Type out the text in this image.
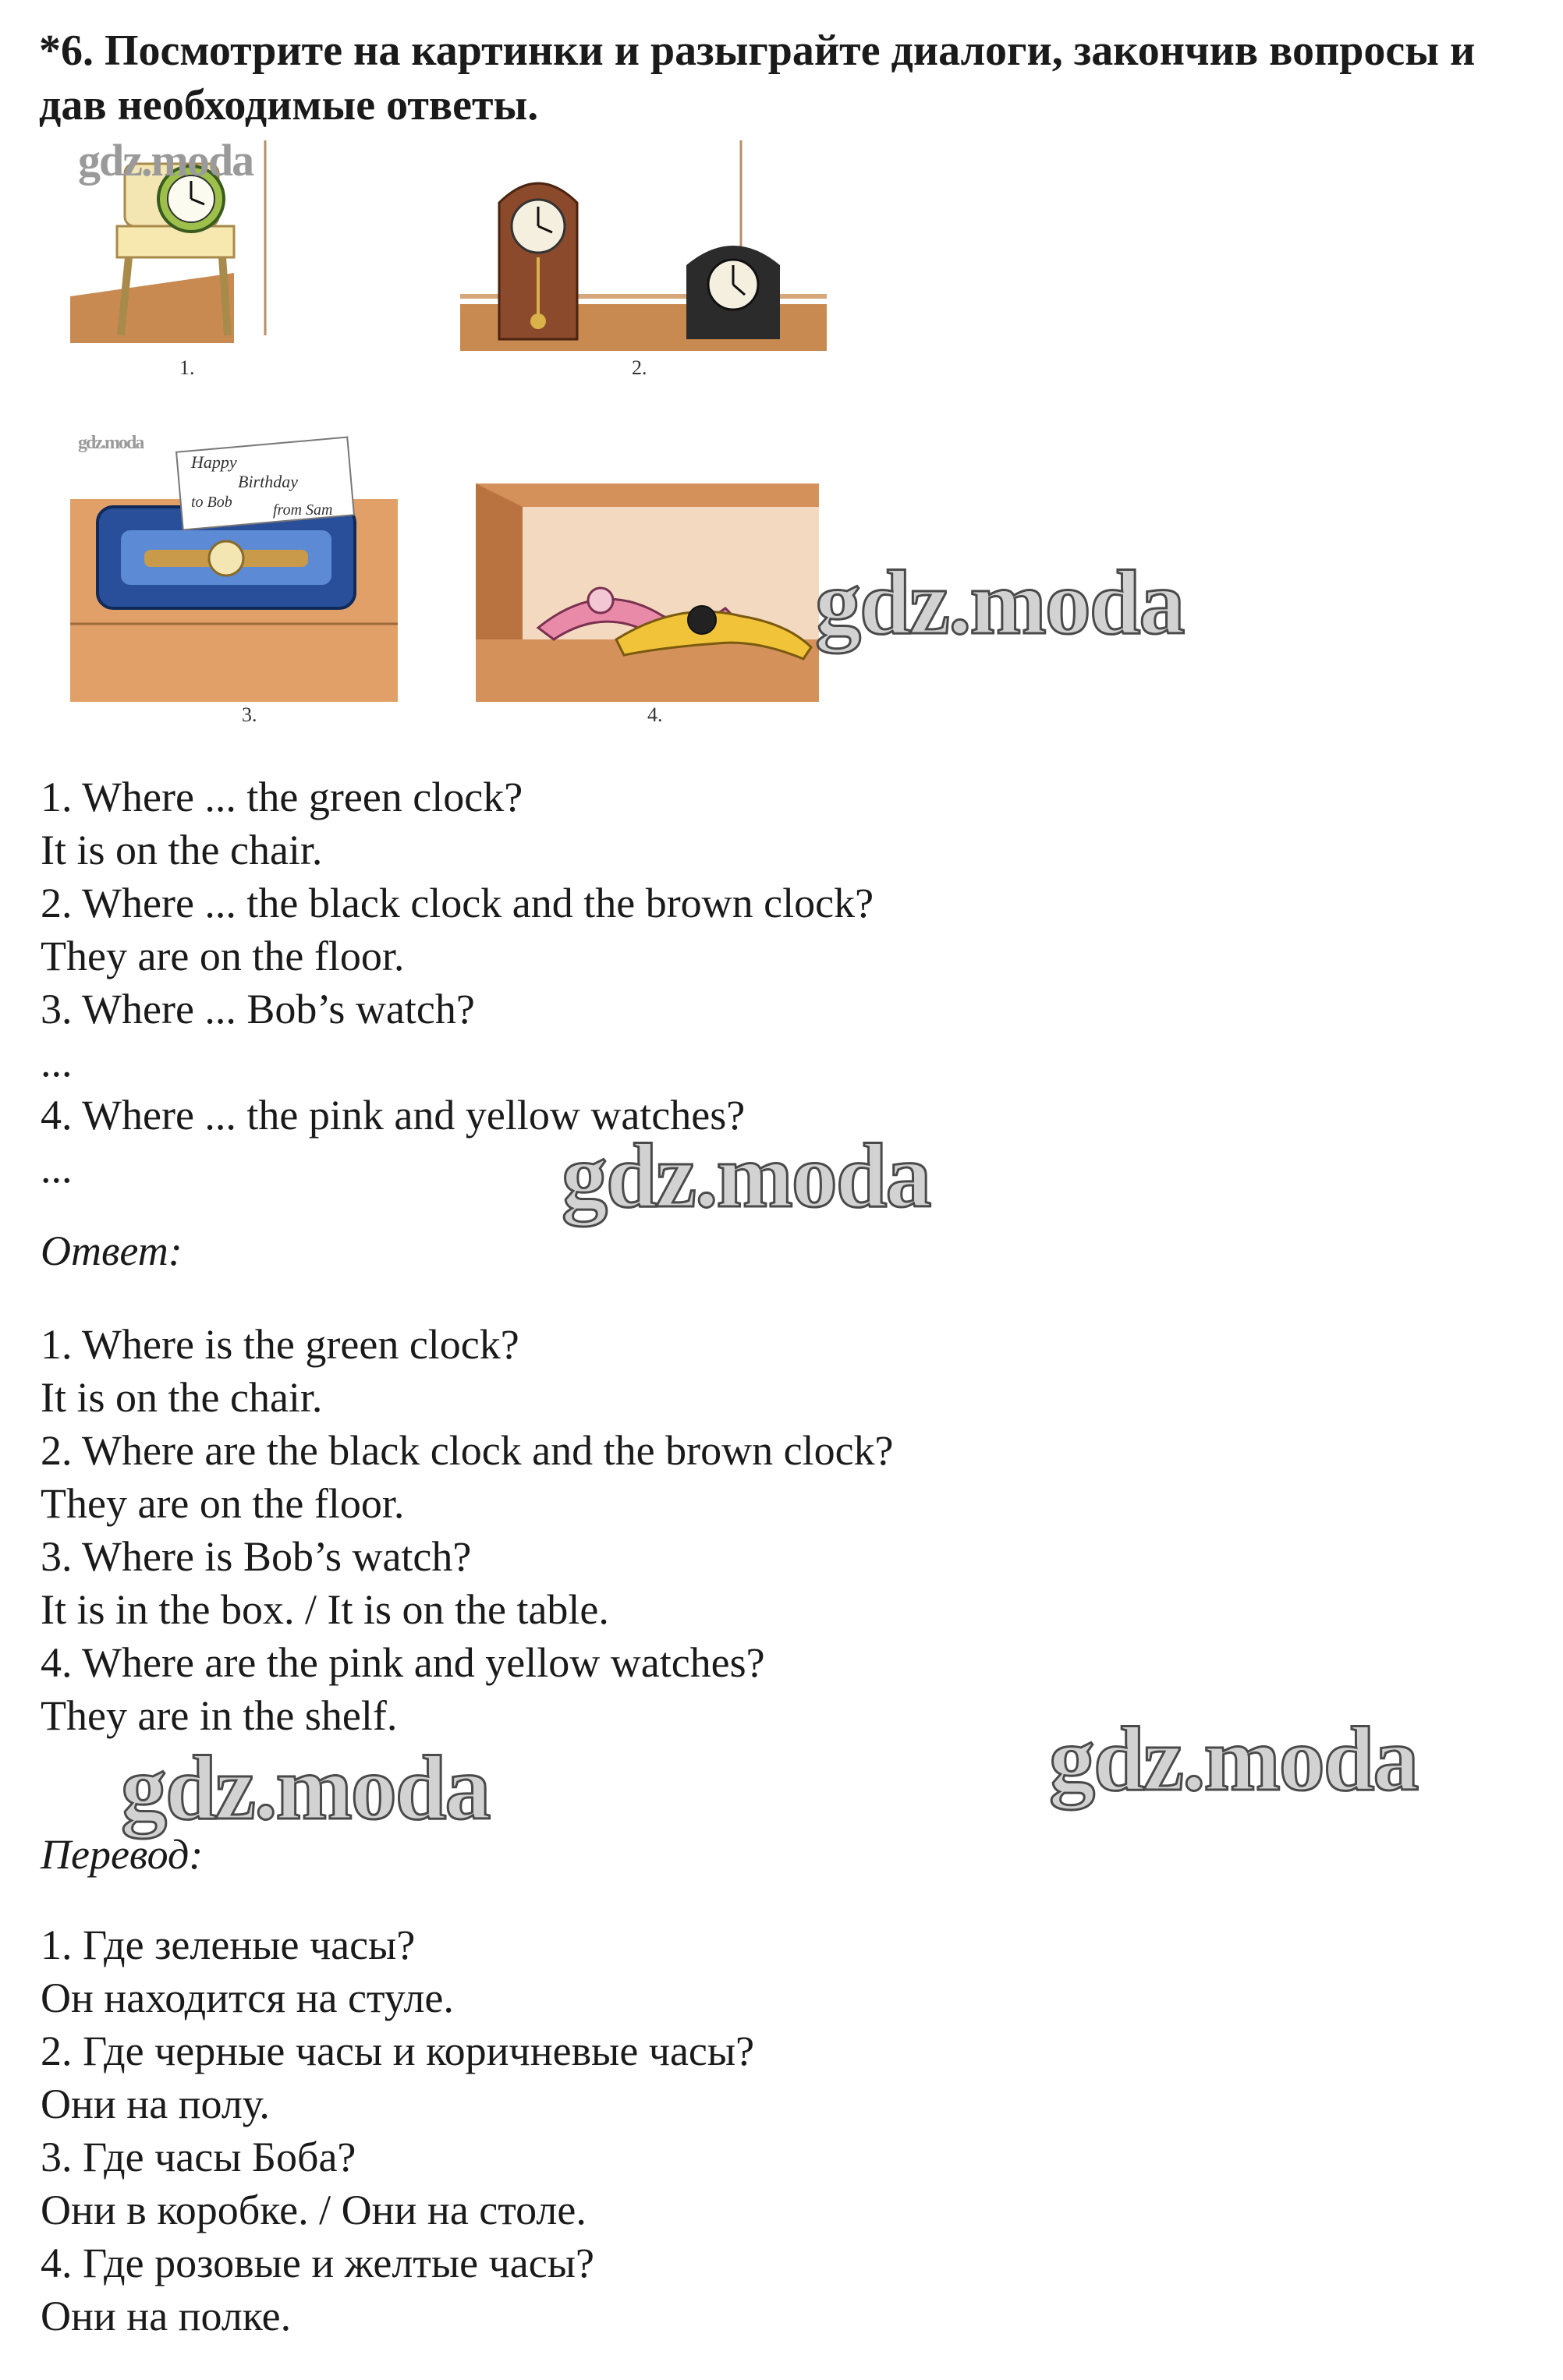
*6. Посмотрите на картинки и разыграйте диалоги, закончив вопросы и дав необходимые ответы.
1.	2.
Happy
Birthday
to Bob	from Sam
3.	4.
gdz.moda
gdz.moda
gdz.moda
gdz.moda
gdz.moda	gdz.moda
1. Where ... the green clock?
It is on the chair.
2. Where ... the black clock and the brown clock?
They are on the floor.
3. Where ... Bob’s watch?
...
4. Where ... the pink and yellow watches?
...

Ответ:

1. Where is the green clock?
It is on the chair.
2. Where are the black clock and the brown clock?
They are on the floor.
3. Where is Bob’s watch?
It is in the box. / It is on the table.
4. Where are the pink and yellow watches?
They are in the shelf.

Перевод:

1. Где зеленые часы?
Он находится на стуле.
2. Где черные часы и коричневые часы?
Они на полу.
3. Где часы Боба?
Они в коробке. / Они на столе.
4. Где розовые и желтые часы?
Они на полке.
